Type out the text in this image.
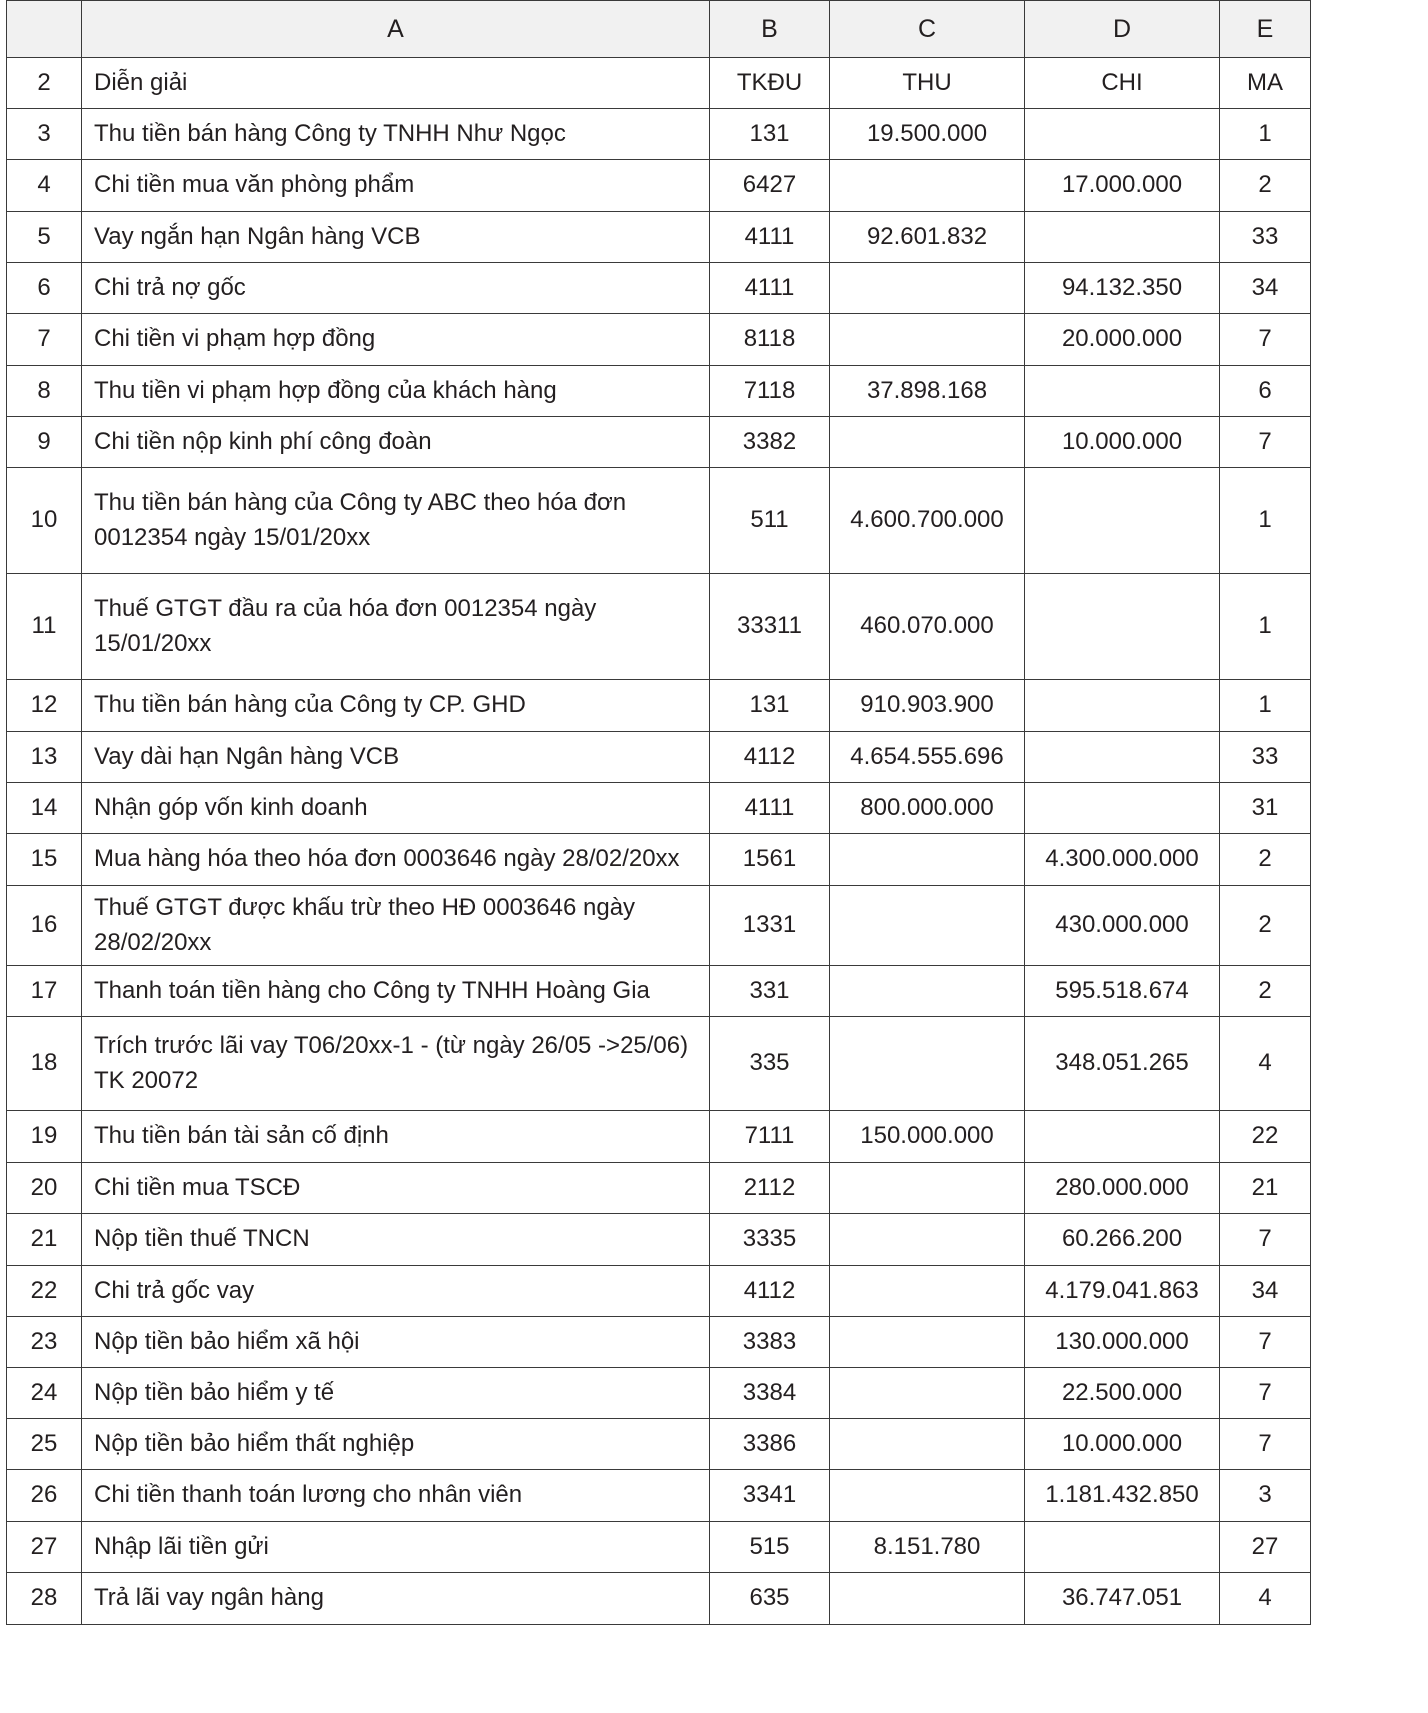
	A	B	C	D	E
2	Diễn giải	TKĐU	THU	CHI	MA
3	Thu tiền bán hàng Công ty TNHH Như Ngọc	131	19.500.000		1
4	Chi tiền mua văn phòng phẩm	6427		17.000.000	2
5	Vay ngắn hạn Ngân hàng VCB	4111	92.601.832		33
6	Chi trả nợ gốc	4111		94.132.350	34
7	Chi tiền vi phạm hợp đồng	8118		20.000.000	7
8	Thu tiền vi phạm hợp đồng của khách hàng	7118	37.898.168		6
9	Chi tiền nộp kinh phí công đoàn	3382		10.000.000	7
10	Thu tiền bán hàng của Công ty ABC theo hóa đơn 0012354 ngày 15/01/20xx	511	4.600.700.000		1
11	Thuế GTGT đầu ra của hóa đơn 0012354 ngày 15/01/20xx	33311	460.070.000		1
12	Thu tiền bán hàng của Công ty CP. GHD	131	910.903.900		1
13	Vay dài hạn Ngân hàng VCB	4112	4.654.555.696		33
14	Nhận góp vốn kinh doanh	4111	800.000.000		31
15	Mua hàng hóa theo hóa đơn 0003646 ngày 28/02/20xx	1561		4.300.000.000	2
16	Thuế GTGT được khấu trừ theo HĐ 0003646 ngày 28/02/20xx	1331		430.000.000	2
17	Thanh toán tiền hàng cho Công ty TNHH Hoàng Gia	331		595.518.674	2
18	Trích trước lãi vay T06/20xx-1 - (từ ngày 26/05 ->25/06) TK 20072	335		348.051.265	4
19	Thu tiền bán tài sản cố định	7111	150.000.000		22
20	Chi tiền mua TSCĐ	2112		280.000.000	21
21	Nộp tiền thuế TNCN	3335		60.266.200	7
22	Chi trả gốc vay	4112		4.179.041.863	34
23	Nộp tiền bảo hiểm xã hội	3383		130.000.000	7
24	Nộp tiền bảo hiểm y tế	3384		22.500.000	7
25	Nộp tiền bảo hiểm thất nghiệp	3386		10.000.000	7
26	Chi tiền thanh toán lương cho nhân viên	3341		1.181.432.850	3
27	Nhập lãi tiền gửi	515	8.151.780		27
28	Trả lãi vay ngân hàng	635		36.747.051	4
